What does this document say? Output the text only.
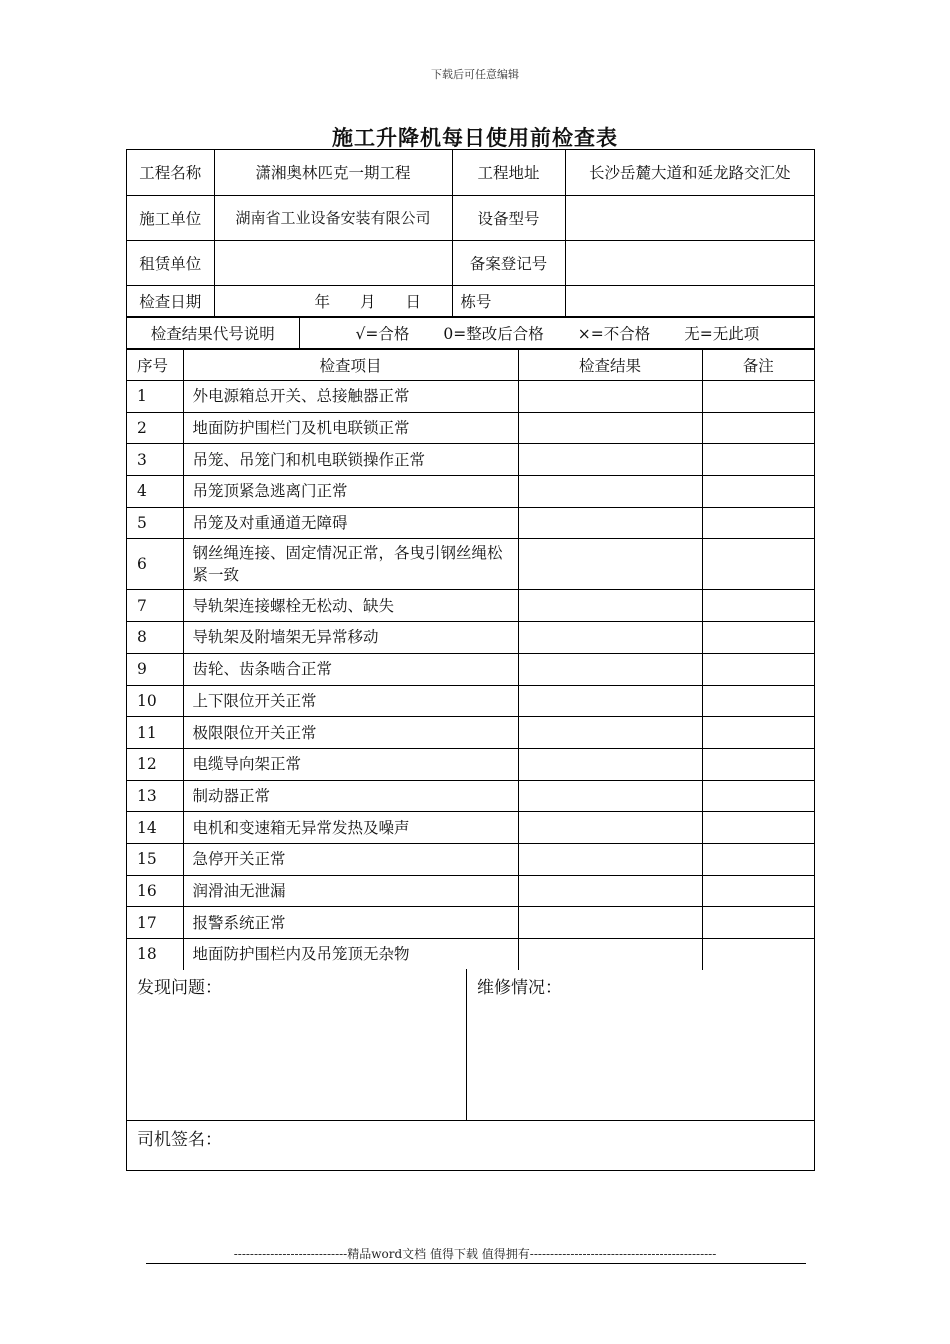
下载后可任意编辑
施工升降机每日使用前检查表
工程名称	潇湘奥林匹克一期工程	工程地址	长沙岳麓大道和延龙路交汇处
施工单位	湖南省工业设备安装有限公司	设备型号	
租赁单位		备案登记号	
检查日期	年 月 日	栋号	
检查结果代号说明	√=合格 0=整改后合格 ×=不合格 无=无此项
序号	检查项目	检查结果	备注
1	外电源箱总开关、总接触器正常		
2	地面防护围栏门及机电联锁正常		
3	吊笼、吊笼门和机电联锁操作正常		
4	吊笼顶紧急逃离门正常		
5	吊笼及对重通道无障碍		
6	钢丝绳连接、固定情况正常，各曳引钢丝绳松紧一致		
7	导轨架连接螺栓无松动、缺失		
8	导轨架及附墙架无异常移动		
9	齿轮、齿条啮合正常		
10	上下限位开关正常		
11	极限限位开关正常		
12	电缆导向架正常		
13	制动器正常		
14	电机和变速箱无异常发热及噪声		
15	急停开关正常		
16	润滑油无泄漏		
17	报警系统正常		
18	地面防护围栏内及吊笼顶无杂物		
发现问题：	维修情况：
司机签名：
----------------------------精品word文档 值得下载 值得拥有----------------------------------------------
